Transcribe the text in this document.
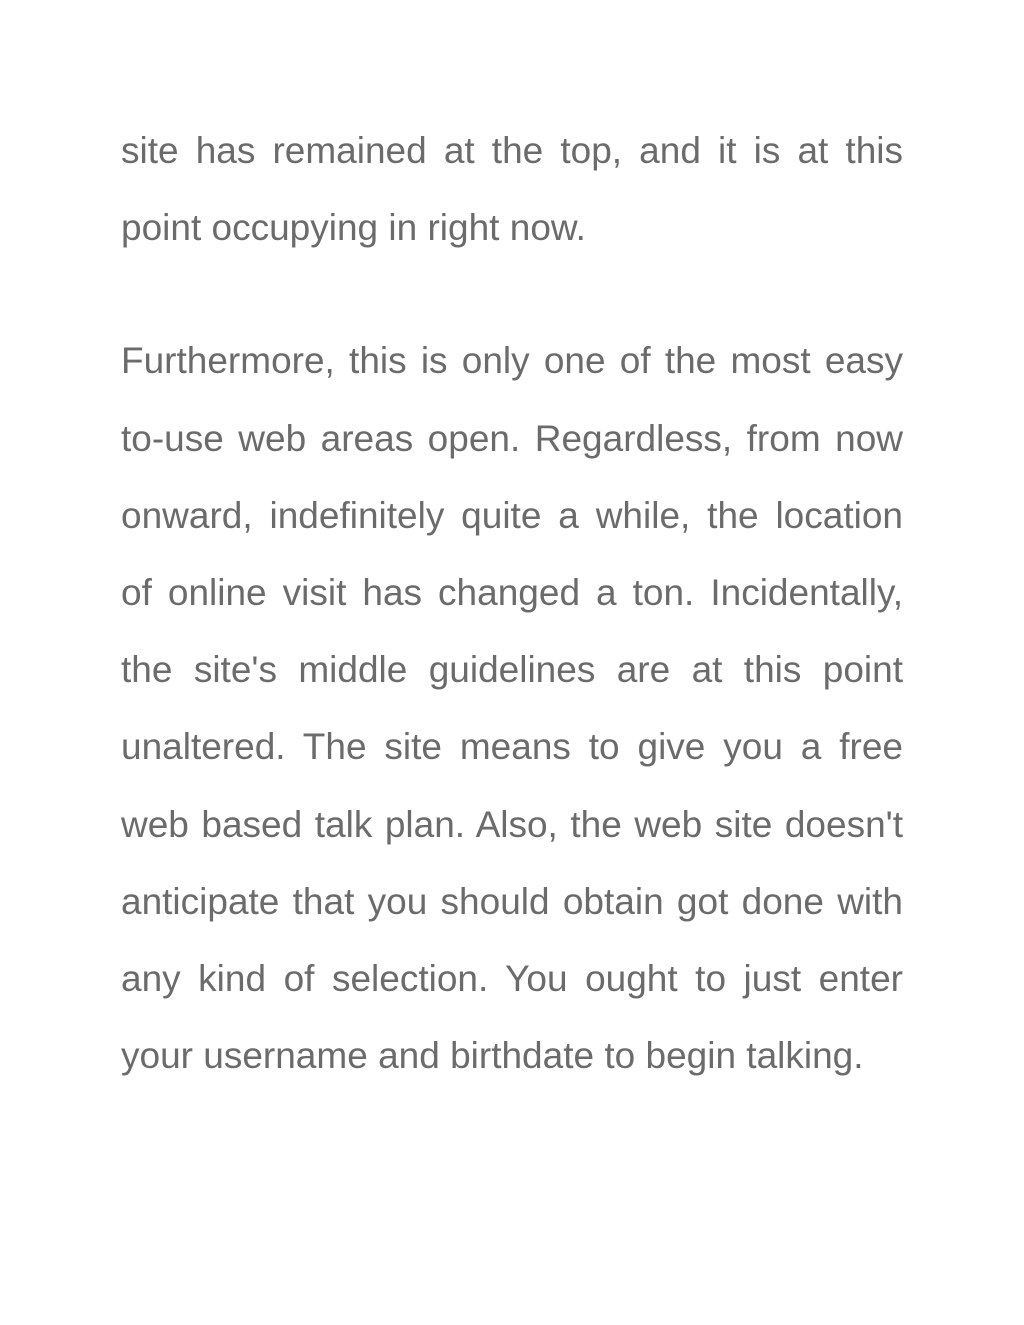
site has remained at the top, and it is at this point occupying in right now.

Furthermore, this is only one of the most easy to-use web areas open. Regardless, from now onward, indefinitely quite a while, the location of online visit has changed a ton. Incidentally, the site's middle guidelines are at this point unaltered. The site means to give you a free web based talk plan. Also, the web site doesn't anticipate that you should obtain got done with any kind of selection. You ought to just enter your username and birthdate to begin talking.
